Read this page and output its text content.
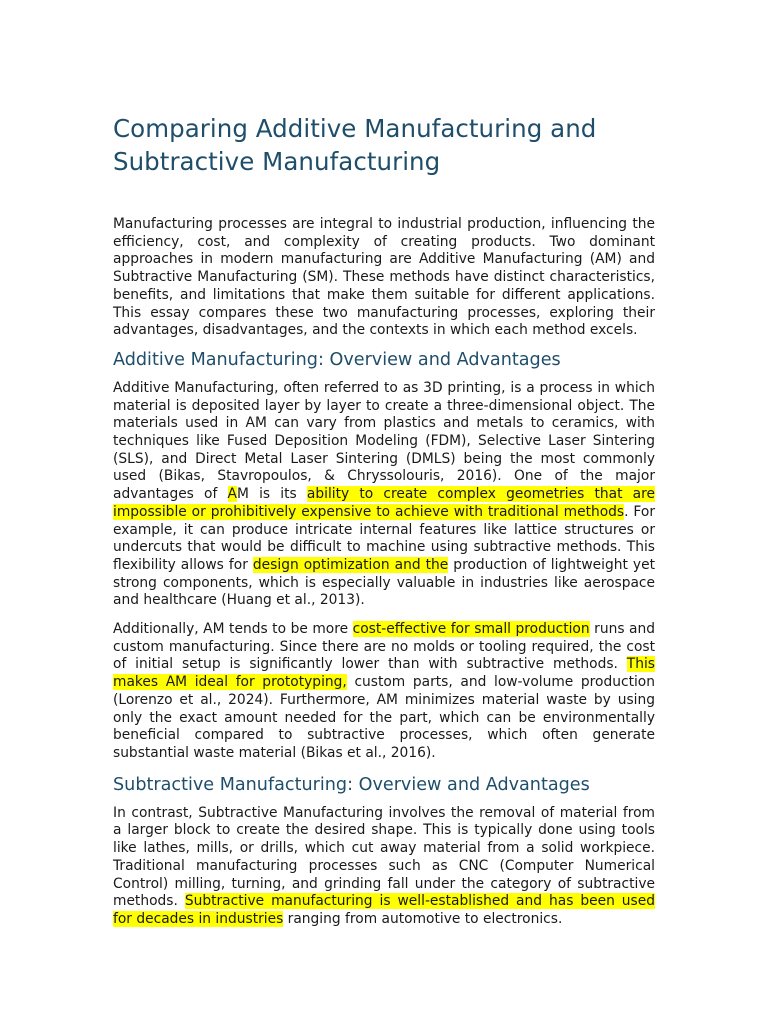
Comparing Additive Manufacturing and
Subtractive Manufacturing

Manufacturing processes are integral to industrial production, influencing the efficiency, cost, and complexity of creating products. Two dominant approaches in modern manufacturing are Additive Manufacturing (AM) and Subtractive Manufacturing (SM). These methods have distinct characteristics, benefits, and limitations that make them suitable for different applications. This essay compares these two manufacturing processes, exploring their advantages, disadvantages, and the contexts in which each method excels.

Additive Manufacturing: Overview and Advantages

Additive Manufacturing, often referred to as 3D printing, is a process in which material is deposited layer by layer to create a three-dimensional object. The materials used in AM can vary from plastics and metals to ceramics, with techniques like Fused Deposition Modeling (FDM), Selective Laser Sintering (SLS), and Direct Metal Laser Sintering (DMLS) being the most commonly used (Bikas, Stavropoulos, & Chryssolouris, 2016). One of the major advantages of AM is its ability to create complex geometries that are impossible or prohibitively expensive to achieve with traditional methods. For example, it can produce intricate internal features like lattice structures or undercuts that would be difficult to machine using subtractive methods. This flexibility allows for design optimization and the production of lightweight yet strong components, which is especially valuable in industries like aerospace and healthcare (Huang et al., 2013).

Additionally, AM tends to be more cost-effective for small production runs and custom manufacturing. Since there are no molds or tooling required, the cost of initial setup is significantly lower than with subtractive methods. This makes AM ideal for prototyping, custom parts, and low-volume production (Lorenzo et al., 2024). Furthermore, AM minimizes material waste by using only the exact amount needed for the part, which can be environmentally beneficial compared to subtractive processes, which often generate substantial waste material (Bikas et al., 2016).

Subtractive Manufacturing: Overview and Advantages

In contrast, Subtractive Manufacturing involves the removal of material from a larger block to create the desired shape. This is typically done using tools like lathes, mills, or drills, which cut away material from a solid workpiece. Traditional manufacturing processes such as CNC (Computer Numerical Control) milling, turning, and grinding fall under the category of subtractive methods. Subtractive manufacturing is well-established and has been used for decades in industries ranging from automotive to electronics.
